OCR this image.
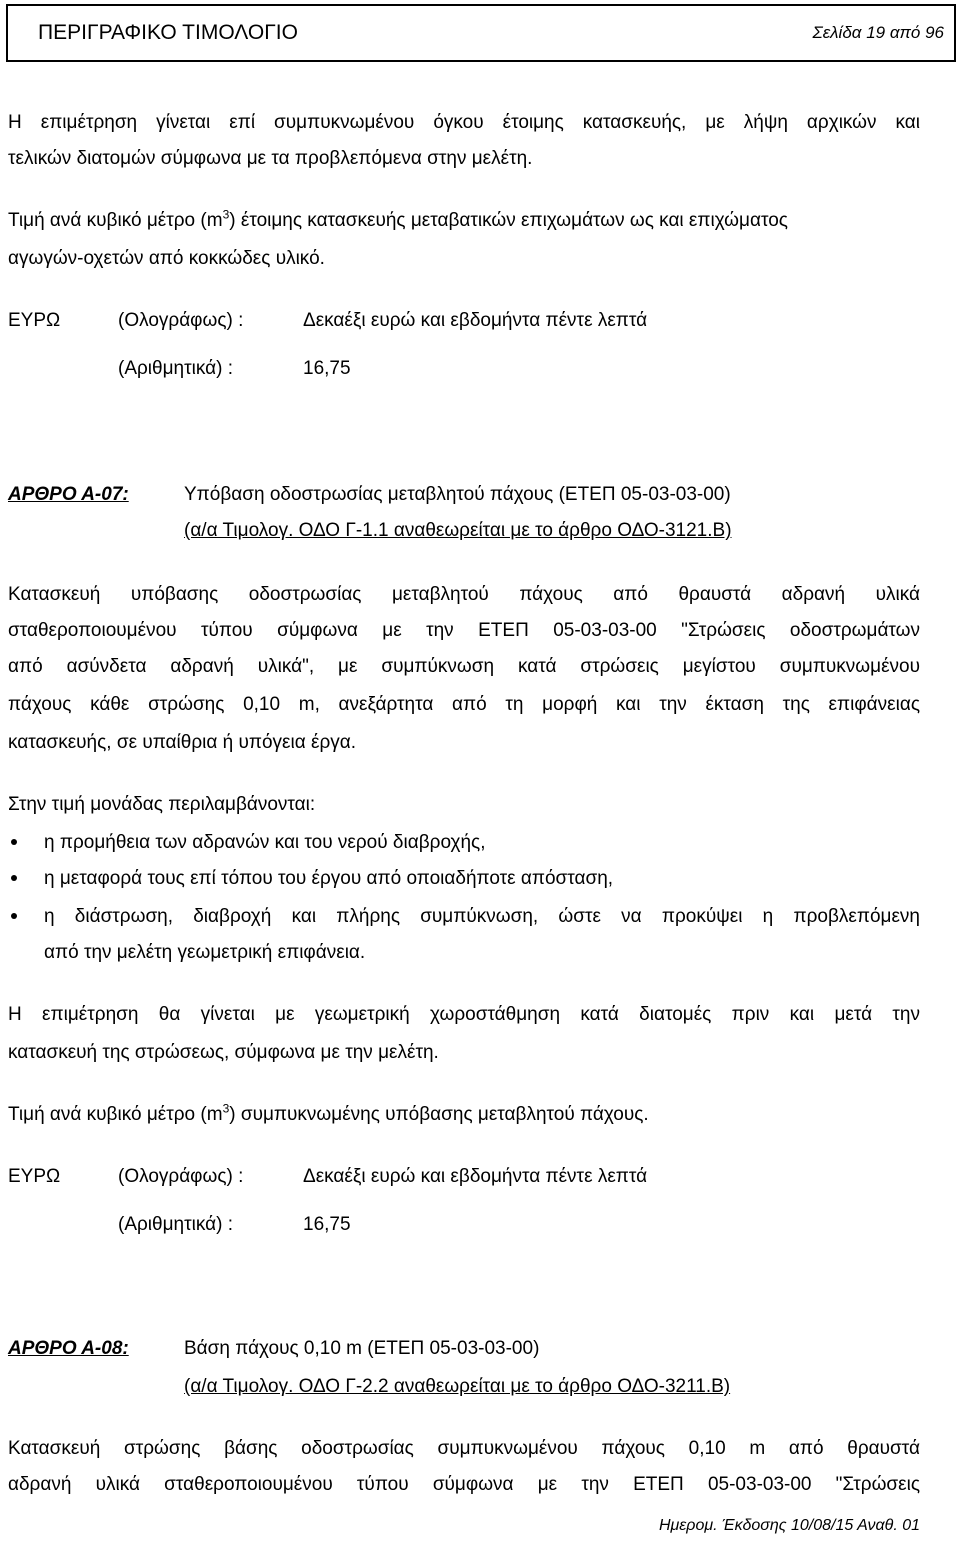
ΠΕΡΙΓΡΑΦΙΚΟ ΤΙΜΟΛΟΓΙΟ	Σελίδα 19 από 96
Η επιμέτρηση γίνεται επί συμπυκνωμένου όγκου έτοιμης κατασκευής, με λήψη αρχικών και
τελικών διατομών σύμφωνα με τα προβλεπόμενα στην μελέτη.
Τιμή ανά κυβικό μέτρο $(m^3)$ έτοιμης κατασκευής μεταβατικών επιχωμάτων ως και επιχώματος
αγωγών-οχετών από κοκκώδες υλικό.
ΕΥΡΩ	(Ολογράφως) :	Δεκαέξι ευρώ και εβδομήντα πέντε λεπτά
(Αριθμητικά) :	16,75
ΑΡΘΡΟ Α-07:	Υπόβαση οδοστρωσίας μεταβλητού πάχους (ΕΤΕΠ 05-03-03-00)
(α/α Τιμολογ. ΟΔΟ Γ-1.1 αναθεωρείται με το άρθρο ΟΔΟ-3121.Β)
Κατασκευή υπόβασης οδοστρωσίας μεταβλητού πάχους από θραυστά αδρανή υλικά
σταθεροποιουμένου τύπου σύμφωνα με την ΕΤΕΠ 05-03-03-00 "Στρώσεις οδοστρωμάτων
από ασύνδετα αδρανή υλικά", με συμπύκνωση κατά στρώσεις μεγίστου συμπυκνωμένου
πάχους κάθε στρώσης 0,10 m, ανεξάρτητα από τη μορφή και την έκταση της επιφάνειας
κατασκευής, σε υπαίθρια ή υπόγεια έργα.
Στην τιμή μονάδας περιλαμβάνονται:
η προμήθεια των αδρανών και του νερού διαβροχής,
η μεταφορά τους επί τόπου του έργου από οποιαδήποτε απόσταση,
η διάστρωση, διαβροχή και πλήρης συμπύκνωση, ώστε να προκύψει η προβλεπόμενη
από την μελέτη γεωμετρική επιφάνεια.
Η επιμέτρηση θα γίνεται με γεωμετρική χωροστάθμηση κατά διατομές πριν και μετά την
κατασκευή της στρώσεως, σύμφωνα με την μελέτη.
Τιμή ανά κυβικό μέτρο $(m^3)$ συμπυκνωμένης υπόβασης μεταβλητού πάχους.
ΕΥΡΩ	(Ολογράφως) :	Δεκαέξι ευρώ και εβδομήντα πέντε λεπτά
(Αριθμητικά) :	16,75
ΑΡΘΡΟ Α-08:	Βάση πάχους 0,10 m (ΕΤΕΠ 05-03-03-00)
(α/α Τιμολογ. ΟΔΟ Γ-2.2 αναθεωρείται με το άρθρο ΟΔΟ-3211.Β)
Κατασκευή στρώσης βάσης οδοστρωσίας συμπυκνωμένου πάχους 0,10 m από θραυστά
αδρανή υλικά σταθεροποιουμένου τύπου σύμφωνα με την ΕΤΕΠ 05-03-03-00 "Στρώσεις
Ημερομ. Έκδοσης 10/08/15 Αναθ. 01
